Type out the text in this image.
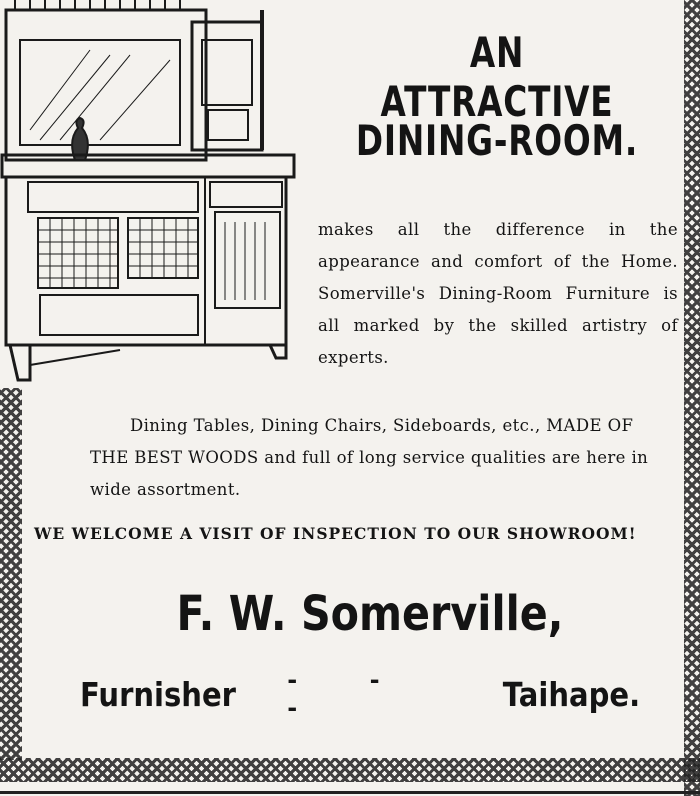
AN ATTRACTIVE
DINING-ROOM.
makes all the difference in the appearance and comfort of the Home. Somerville's Dining-Room Furniture is all marked by the skilled artistry of experts.
Dining Tables, Dining Chairs, Sideboards, etc., MADE OF THE BEST WOODS and full of long service qualities are here in wide assortment.
WE WELCOME A VISIT OF INSPECTION TO OUR SHOWROOM!
F. W. Somerville,
Furnisher - - -	Taihape.
